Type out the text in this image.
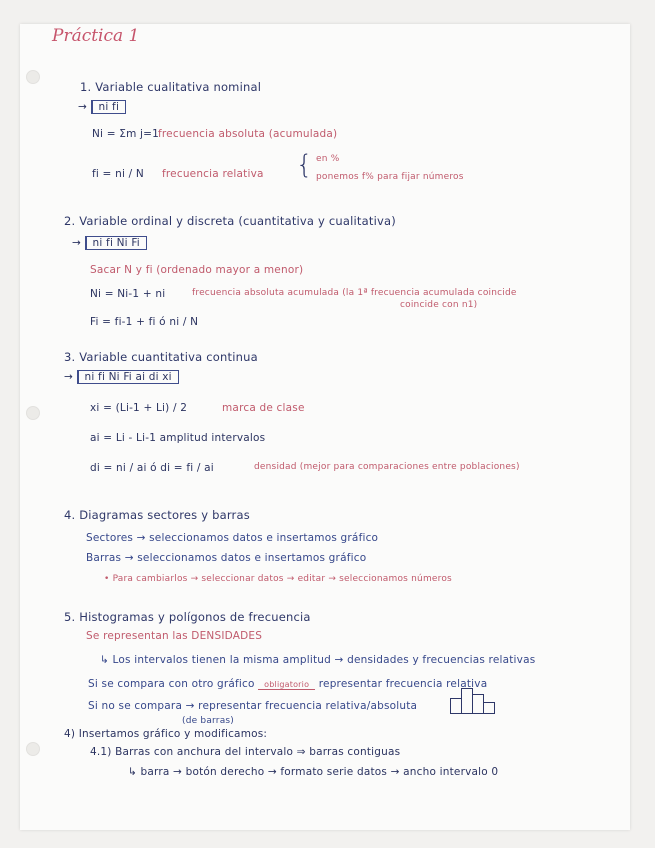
Práctica 1
1. Variable cualitativa nominal
→ ni fi
Ni = Σm j=1
frecuencia absoluta (acumulada)
fi = ni / N frecuencia relativa { en %
ponemos f% para fijar números
2. Variable ordinal y discreta (cuantitativa y cualitativa)
→ ni fi Ni Fi
Sacar N y fi (ordenado mayor a menor)
Ni = Ni-1 + ni	frecuencia absoluta acumulada (la 1ª frecuencia acumulada coincide
coincide con n1)
Fi = fi-1 + fi ó ni / N
3. Variable cuantitativa continua
→ ni fi Ni Fi ai di xi
xi = (Li-1 + Li) / 2	marca de clase
ai = Li - Li-1 amplitud intervalos
di = ni / ai ó di = fi / ai	densidad (mejor para comparaciones entre poblaciones)
4. Diagramas sectores y barras
Sectores → seleccionamos datos e insertamos gráfico
Barras → seleccionamos datos e insertamos gráfico
• Para cambiarlos → seleccionar datos → editar → seleccionamos números
5. Histogramas y polígonos de frecuencia
Se representan las DENSIDADES
↳ Los intervalos tienen la misma amplitud → densidades y frecuencias relativas
Si se compara con otro gráfico obligatorio representar frecuencia relativa
Si no se compara → representar frecuencia relativa/absoluta
(de barras)
4) Insertamos gráfico y modificamos:
4.1) Barras con anchura del intervalo ⇒ barras contiguas
↳ barra → botón derecho → formato serie datos → ancho intervalo 0
